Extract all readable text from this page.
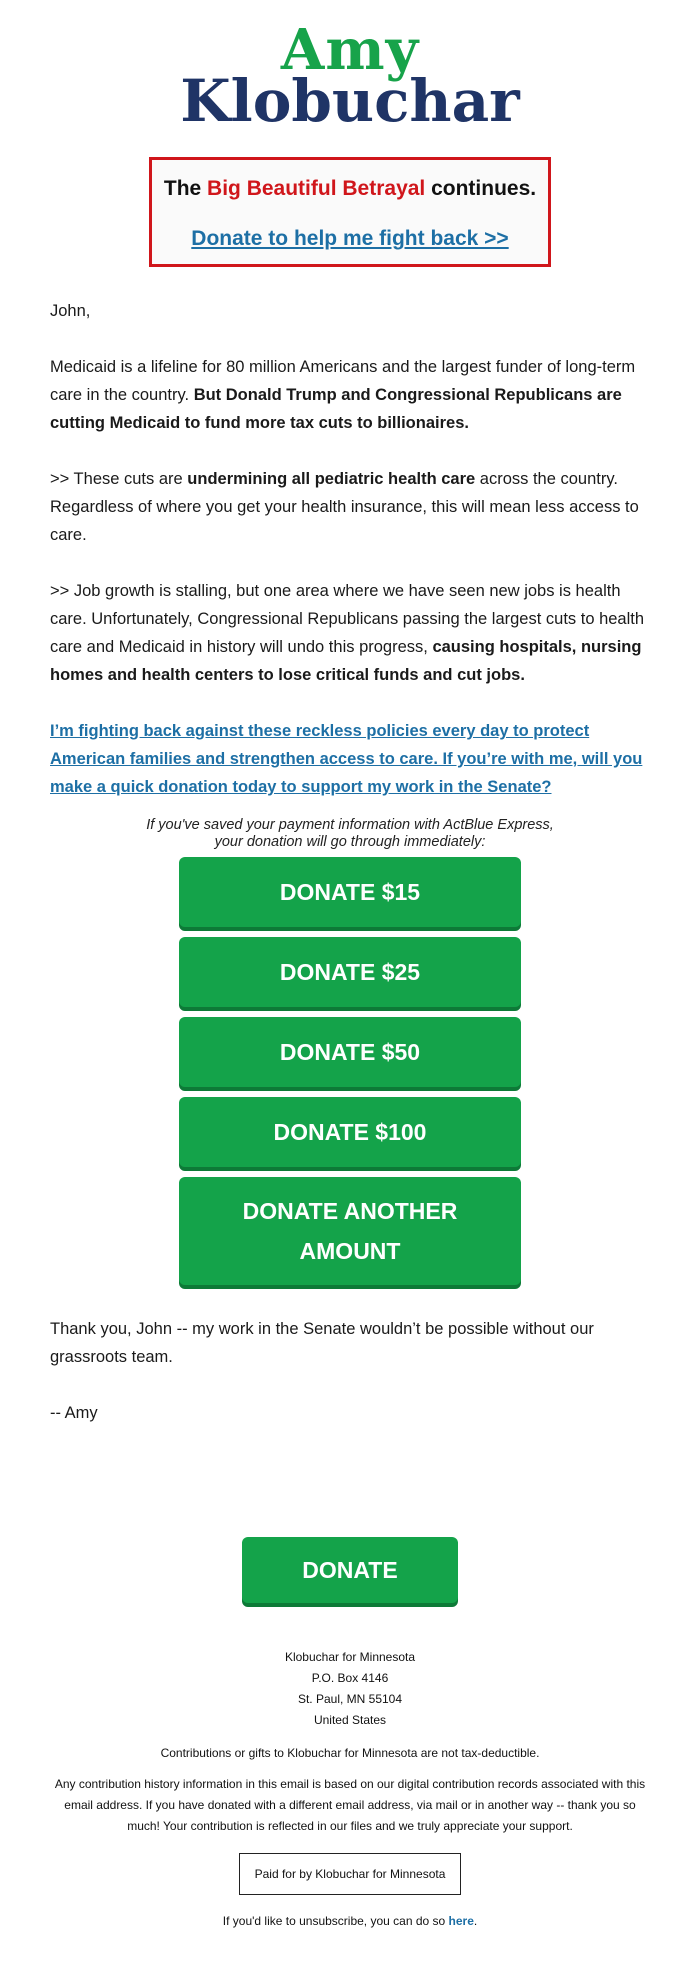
Amy
Klobuchar
The Big Beautiful Betrayal continues.
Donate to help me fight back >>

John,

Medicaid is a lifeline for 80 million Americans and the largest funder of long-term care in the country. But Donald Trump and Congressional Republicans are cutting Medicaid to fund more tax cuts to billionaires.

>> These cuts are undermining all pediatric health care across the country. Regardless of where you get your health insurance, this will mean less access to care.

>> Job growth is stalling, but one area where we have seen new jobs is health care. Unfortunately, Congressional Republicans passing the largest cuts to health care and Medicaid in history will undo this progress, causing hospitals, nursing homes and health centers to lose critical funds and cut jobs.

I’m fighting back against these reckless policies every day to protect American families and strengthen access to care. If you’re with me, will you make a quick donation today to support my work in the Senate?

If you've saved your payment information with ActBlue Express,
your donation will go through immediately:
DONATE $15
DONATE $25
DONATE $50
DONATE $100
DONATE ANOTHER
AMOUNT

Thank you, John -- my work in the Senate wouldn’t be possible without our grassroots team.

-- Amy

DONATE
Klobuchar for Minnesota
P.O. Box 4146
St. Paul, MN 55104
United States
Contributions or gifts to Klobuchar for Minnesota are not tax-deductible.
Any contribution history information in this email is based on our digital contribution records associated with this email address. If you have donated with a different email address, via mail or in another way -- thank you so much! Your contribution is reflected in our files and we truly appreciate your support.
Paid for by Klobuchar for Minnesota
If you'd like to unsubscribe, you can do so here.
